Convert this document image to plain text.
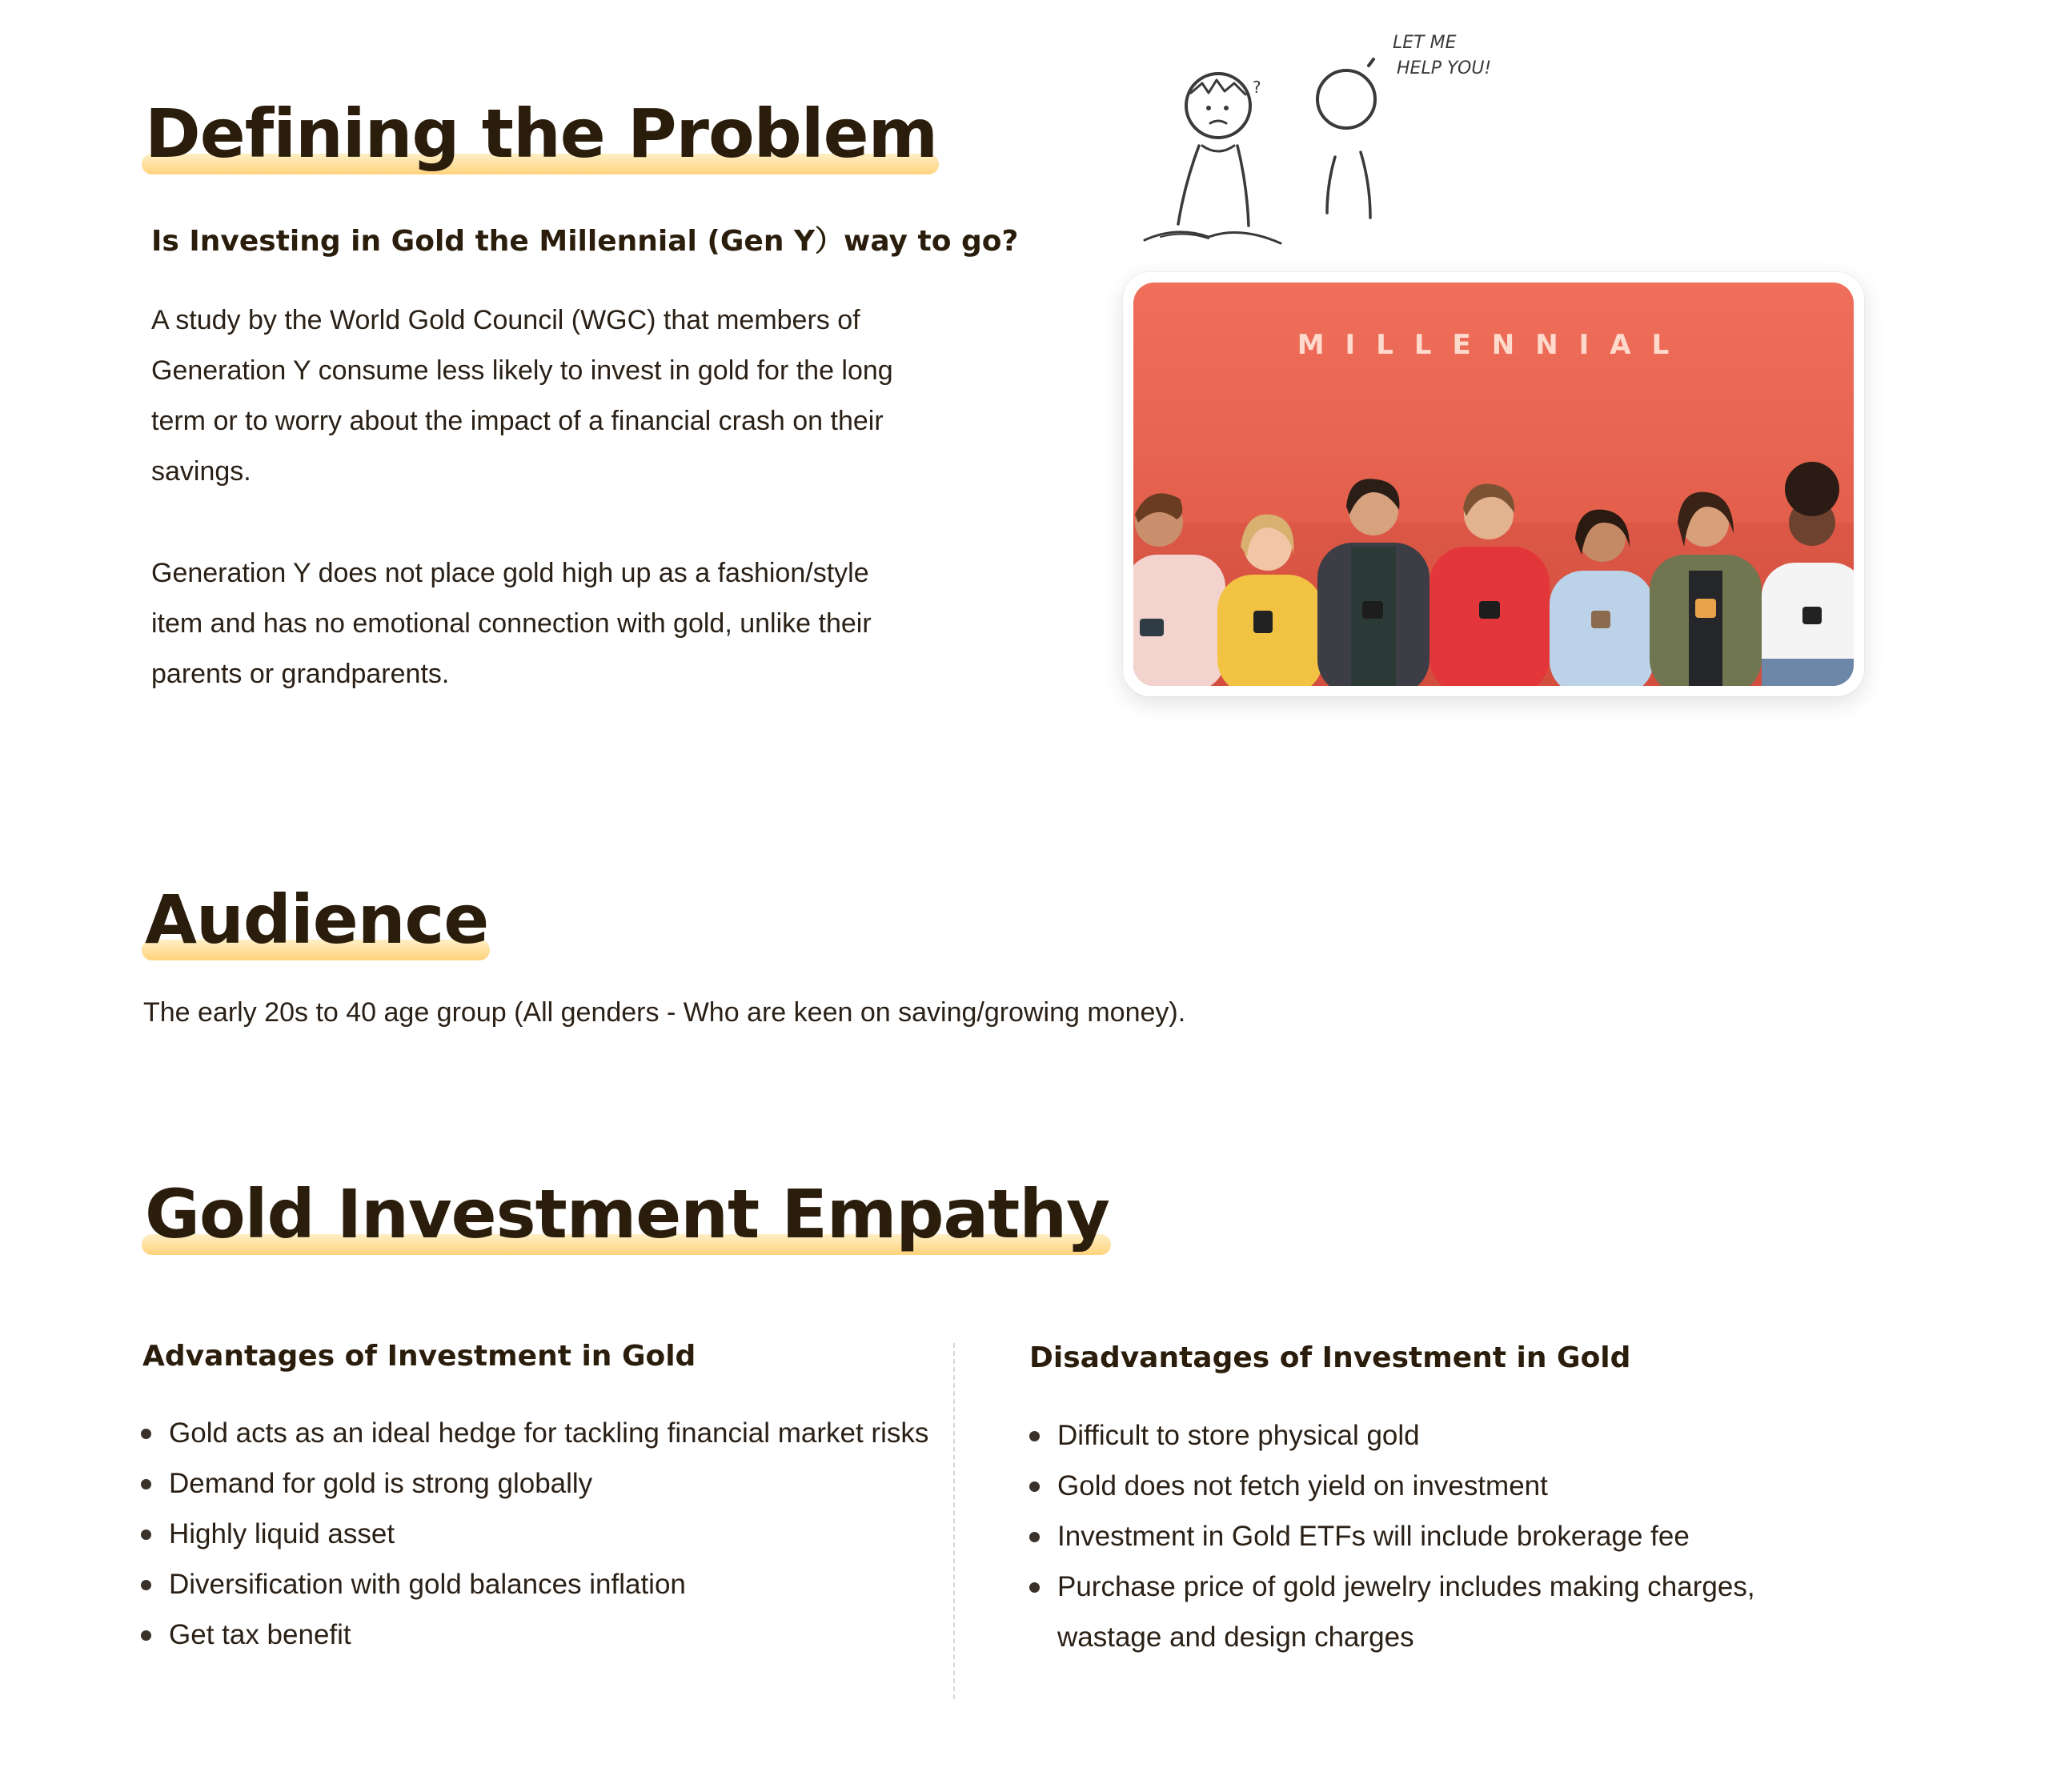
Defining the Problem
Is Investing in Gold the Millennial (Gen Y）way to go?

A study by the World Gold Council (WGC) that members of Generation Y consume less likely to invest in gold for the long term or to worry about the impact of a financial crash on their savings.

Generation Y does not place gold high up as a fashion/style item and has no emotional connection with gold, unlike their parents or grandparents.

?
LET ME
HELP YOU!
MILLENNIAL
Audience

The early 20s to 40 age group (All genders - Who are keen on saving/growing money).

Gold Investment Empathy
Advantages of Investment in Gold
Gold acts as an ideal hedge for tackling financial market risks
Demand for gold is strong globally
Highly liquid asset
Diversification with gold balances inflation
Get tax benefit
Disadvantages of Investment in Gold
Difficult to store physical gold
Gold does not fetch yield on investment
Investment in Gold ETFs will include brokerage fee
Purchase price of gold jewelry includes making charges, wastage and design charges
